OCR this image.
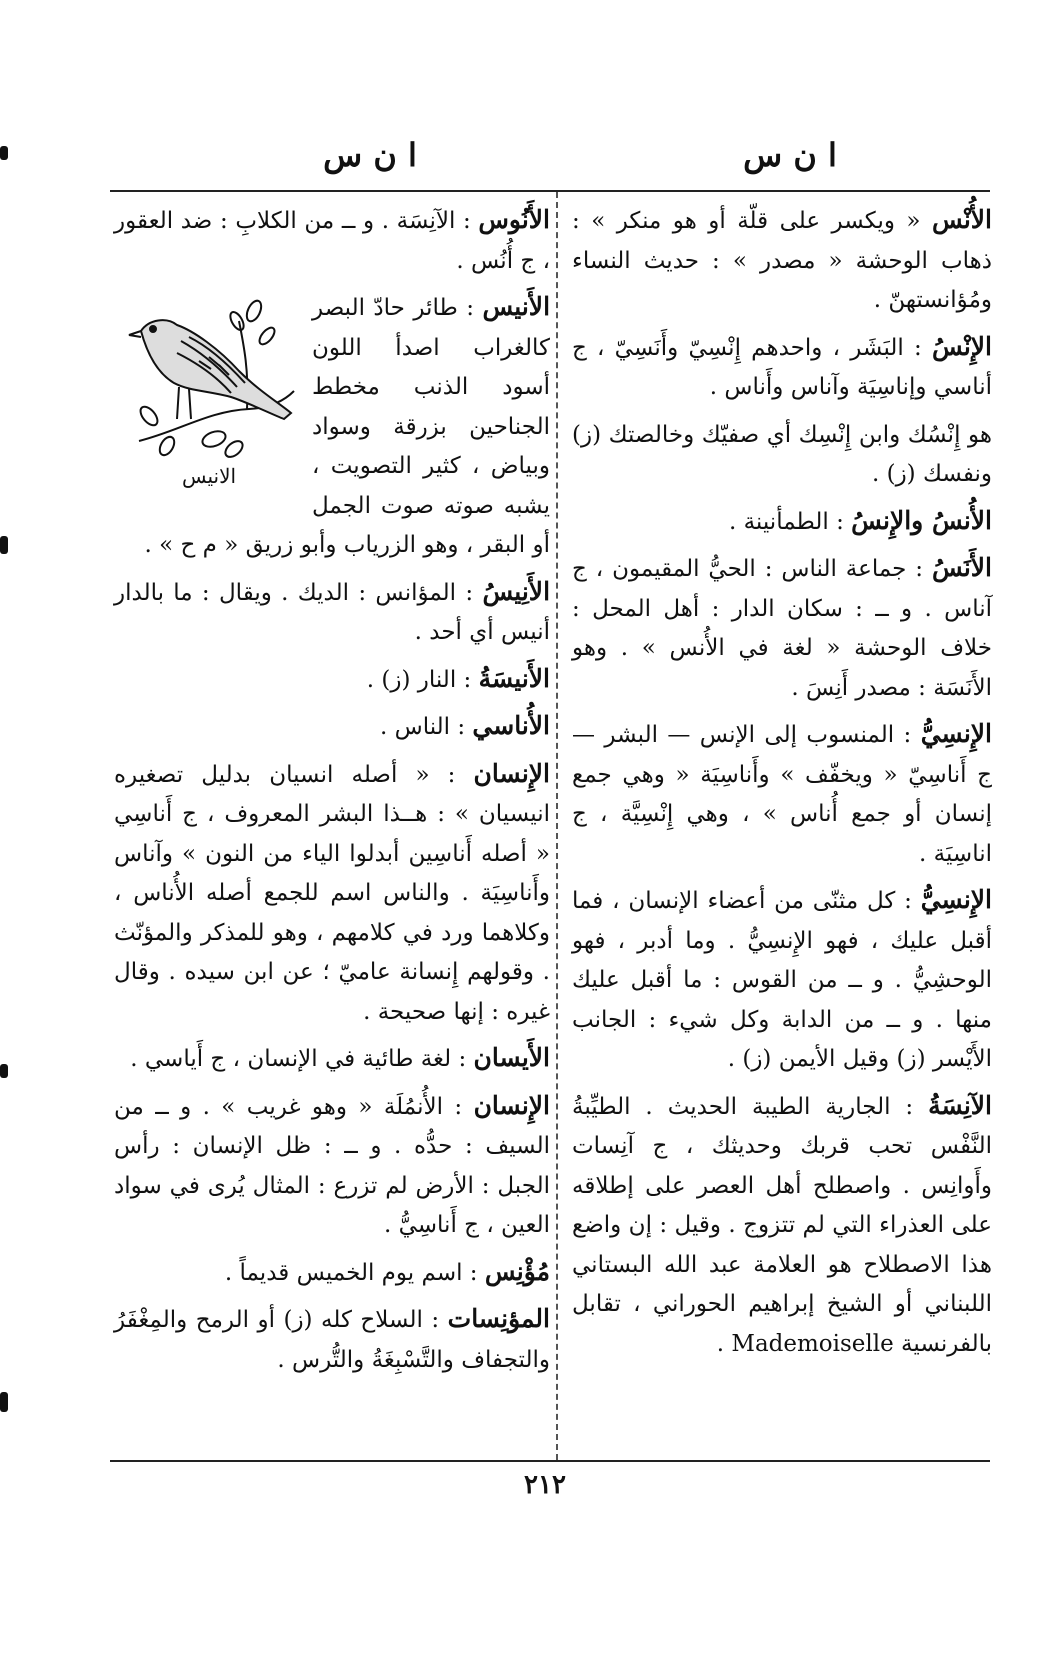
ا ن س
ا ن س

الأُنْس « ويكسر على قلّة أو هو منكر » : ذهاب الوحشة « مصدر » : حديث النساء ومُؤانستهنّ .

الإِنْسُ : البَشَر ، واحدهم إِنْسِيّ وأَنَسِيّ ، ج أناسي وإناسِيَة وآناس وأَناس .

هو إِنْسُك وابن إِنْسِك أي صفيّك وخالصتك (ز) ونفسك (ز) .

الأُنسُ والإِنسُ : الطمأنينة .

الأَنَسُ : جماعة الناس : الحيُّ المقيمون ، ج آناس . و ــ : سكان الدار : أهل المحل : خلاف الوحشة « لغة في الأُنس » . وهو الأَنَسَة : مصدر أَنِسَ .

الإِنسِيُّ : المنسوب إلى الإنس — البشر — ج أَناسِيّ « ويخفّف » وأَناسِيَة « وهي جمع إنسان أو جمع أُناس » ، وهي إِنْسِيَّة ، ج اناسِيَة .

الإِنسِيُّ : كل مثنّى من أعضاء الإنسان ، فما أقبل عليك ، فهو الإِنسِيُّ . وما أدبر ، فهو الوحشِيُّ . و ــ من القوس : ما أقبل عليك منها . و ــ من الدابة وكل شيء : الجانب الأَيْسر (ز) وقيل الأيمن (ز) .

الآنِسَةُ : الجارية الطيبة الحديث . الطيِّبةُ النَّفْس تحب قربك وحديثك ، ج آنِسات وأَوانِس . واصطلح أهل العصر على إطلاقه على العذراء التي لم تتزوج . وقيل : إن واضع هذا الاصطلاح هو العلامة عبد الله البستاني اللبناني أو الشيخ إبراهيم الحوراني ، تقابل بالفرنسية Mademoiselle .

الأَنُوس : الآنِسَة . و ــ من الكلابِ : ضد العقور ، ج أُنُس .

الانيس

الأَنيس : طائر حادّ البصر كالغراب اصدأ اللون أسود الذنب مخطط الجناحين بزرقة وسواد وبياض ، كثير التصويت ، يشبه صوته صوت الجمل أو البقر ، وهو الزرياب وأبو زريق « م ح » .

الأَنِيسُ : المؤانس : الديك . ويقال : ما بالدار أنيس أي أحد .

الأَنيسَةُ : النار (ز) .

الأُناسي : الناس .

الإِنسان : « أصله انسيان بدليل تصغيره انيسيان » : هــذا البشر المعروف ، ج أَناسِي « أصله أَناسِين أبدلوا الياء من النون » وآناس وأَناسِيَة . والناس اسم للجمع أصله الأُناس ، وكلاهما ورد في كلامهم ، وهو للمذكر والمؤنّث . وقولهم إِنسانة عاميّ ؛ عن ابن سيده . وقال غيره : إنها صحيحة .

الأَيسان : لغة طائية في الإنسان ، ج أَياسي .

الإِنسان : الأُنمُلَة « وهو غريب » . و ــ من السيف : حدُّه . و ــ : ظل الإنسان : رأس الجبل : الأرض لم تزرع : المثال يُرى في سواد العين ، ج أَناسِيُّ .

مُؤْنِس : اسم يوم الخميس قديماً .

المؤنِسات : السلاح كله (ز) أو الرمح والمِغْفَرُ والتجفاف والتَّسْبِغَةُ والتُّرس .

٢١٢
